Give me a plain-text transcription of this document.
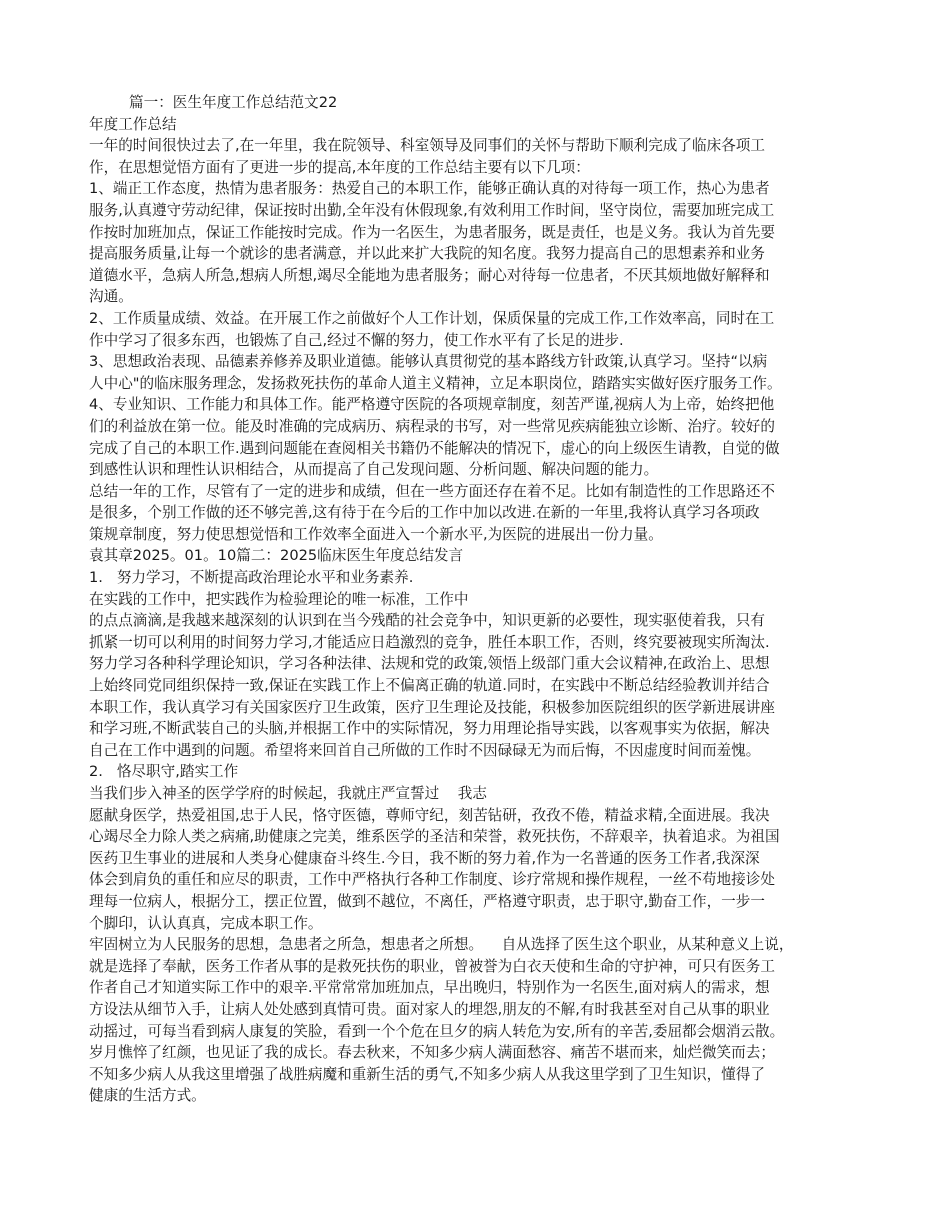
篇一：医生年度工作总结范文22
年度工作总结
一年的时间很快过去了,在一年里，我在院领导、科室领导及同事们的关怀与帮助下顺利完成了临床各项工
作，在思想觉悟方面有了更进一步的提高,本年度的工作总结主要有以下几项：
1、端正工作态度，热情为患者服务：热爱自己的本职工作，能够正确认真的对待每一项工作，热心为患者
服务,认真遵守劳动纪律，保证按时出勤,全年没有休假现象,有效利用工作时间，坚守岗位，需要加班完成工
作按时加班加点，保证工作能按时完成。作为一名医生，为患者服务，既是责任，也是义务。我认为首先要
提高服务质量,让每一个就诊的患者满意，并以此来扩大我院的知名度。我努力提高自己的思想素养和业务
道德水平，急病人所急,想病人所想,竭尽全能地为患者服务；耐心对待每一位患者，不厌其烦地做好解释和
沟通。
2、工作质量成绩、效益。在开展工作之前做好个人工作计划，保质保量的完成工作,工作效率高，同时在工
作中学习了很多东西，也锻炼了自己,经过不懈的努力，使工作水平有了长足的进步.
3、思想政治表现、品德素养修养及职业道德。能够认真贯彻党的基本路线方针政策,认真学习。坚持“以病
人中心"的临床服务理念，发扬救死扶伤的革命人道主义精神，立足本职岗位，踏踏实实做好医疗服务工作。
4、专业知识、工作能力和具体工作。能严格遵守医院的各项规章制度，刻苦严谨,视病人为上帝，始终把他
们的利益放在第一位。能及时准确的完成病历、病程录的书写，对一些常见疾病能独立诊断、治疗。较好的
完成了自己的本职工作.遇到问题能在查阅相关书籍仍不能解决的情况下，虚心的向上级医生请教，自觉的做
到感性认识和理性认识相结合，从而提高了自己发现问题、分析问题、解决问题的能力。
总结一年的工作，尽管有了一定的进步和成绩，但在一些方面还存在着不足。比如有制造性的工作思路还不
是很多，个别工作做的还不够完善,这有待于在今后的工作中加以改进.在新的一年里,我将认真学习各项政
策规章制度，努力使思想觉悟和工作效率全面进入一个新水平,为医院的进展出一份力量。
袁其章2025。01。10篇二：2025临床医生年度总结发言
1.   努力学习，不断提高政治理论水平和业务素养.
在实践的工作中，把实践作为检验理论的唯一标准，工作中
的点点滴滴,是我越来越深刻的认识到在当今残酷的社会竞争中，知识更新的必要性，现实驱使着我，只有
抓紧一切可以利用的时间努力学习,才能适应日趋激烈的竞争，胜任本职工作，否则，终究要被现实所淘汰.
努力学习各种科学理论知识，学习各种法律、法规和党的政策,领悟上级部门重大会议精神,在政治上、思想
上始终同党同组织保持一致,保证在实践工作上不偏离正确的轨道.同时，在实践中不断总结经验教训并结合
本职工作，我认真学习有关国家医疗卫生政策，医疗卫生理论及技能，积极参加医院组织的医学新进展讲座
和学习班,不断武装自己的头脑,并根据工作中的实际情况，努力用理论指导实践，以客观事实为依据，解决
自己在工作中遇到的问题。希望将来回首自己所做的工作时不因碌碌无为而后悔，不因虚度时间而羞愧。
2.   恪尽职守,踏实工作
当我们步入神圣的医学学府的时候起，我就庄严宣誓过    我志
愿献身医学，热爱祖国,忠于人民，恪守医德，尊师守纪，刻苦钻研，孜孜不倦，精益求精,全面进展。我决
心竭尽全力除人类之病痛,助健康之完美，维系医学的圣洁和荣誉，救死扶伤，不辞艰辛，执着追求。为祖国
医药卫生事业的进展和人类身心健康奋斗终生.今日，我不断的努力着,作为一名普通的医务工作者,我深深
体会到肩负的重任和应尽的职责，工作中严格执行各种工作制度、诊疗常规和操作规程，一丝不苟地接诊处
理每一位病人，根据分工，摆正位置，做到不越位，不离任，严格遵守职责，忠于职守,勤奋工作，一步一
个脚印，认认真真，完成本职工作。
牢固树立为人民服务的思想，急患者之所急，想患者之所想。    自从选择了医生这个职业，从某种意义上说，
就是选择了奉献，医务工作者从事的是救死扶伤的职业，曾被誉为白衣天使和生命的守护神，可只有医务工
作者自己才知道实际工作中的艰辛.平常常常加班加点，早出晚归，特别作为一名医生,面对病人的需求，想
方设法从细节入手，让病人处处感到真情可贵。面对家人的埋怨,朋友的不解,有时我甚至对自己从事的职业
动摇过，可每当看到病人康复的笑脸，看到一个个危在旦夕的病人转危为安,所有的辛苦,委屈都会烟消云散。
岁月憔悴了红颜，也见证了我的成长。春去秋来，不知多少病人满面愁容、痛苦不堪而来，灿烂微笑而去；
不知多少病人从我这里增强了战胜病魔和重新生活的勇气,不知多少病人从我这里学到了卫生知识，懂得了
健康的生活方式。
